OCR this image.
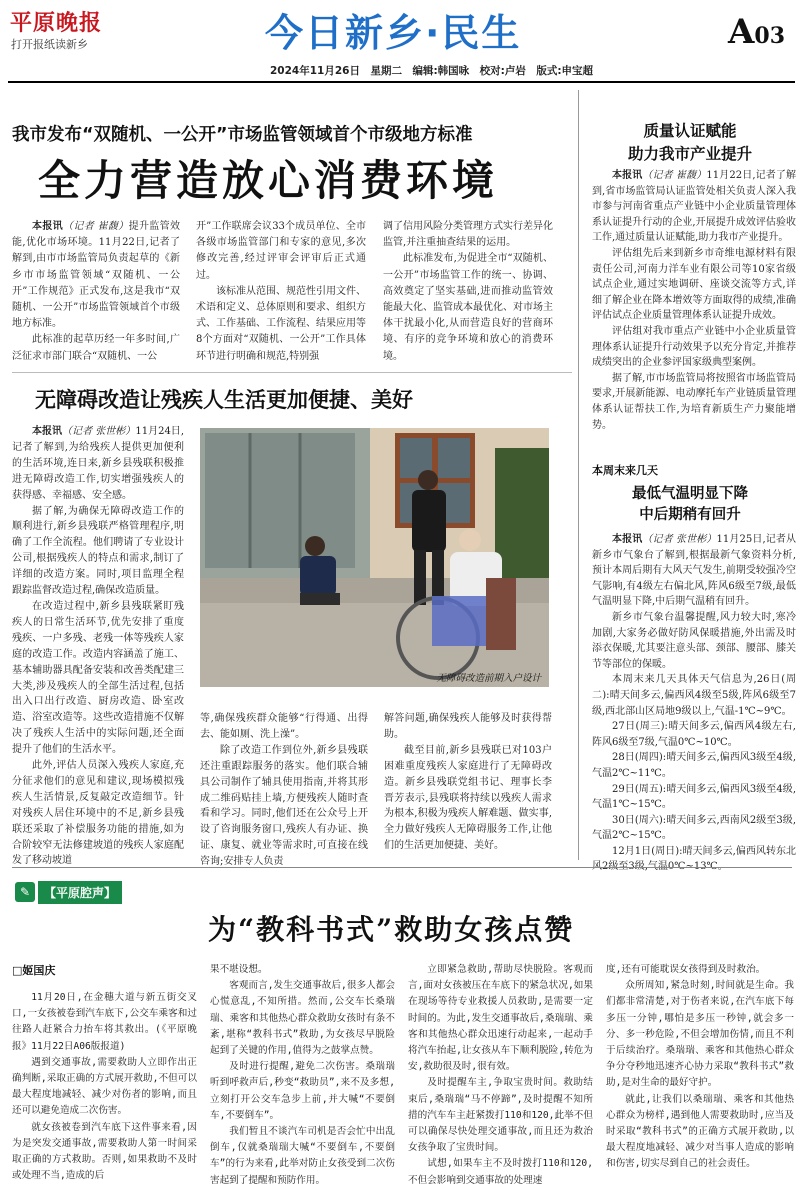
平原晚报
打开报纸读新乡	今日新乡·民生	A03
2024年11月26日　星期二　编辑:韩国咏　校对:卢岩　版式:申宝超
我市发布“双随机、一公开”市场监管领域首个市级地方标准
全力营造放心消费环境

本报讯（记者 崔馥）提升监管效能,优化市场环境。11月22日,记者了解到,由市市场监管局负责起草的《新乡市市场监管领域“双随机、一公开”工作规范》正式发布,这是我市“双随机、一公开”市场监管领域首个市级地方标准。

此标准的起草历经一年多时间,广泛征求市部门联合“双随机、一公

开”工作联席会议33个成员单位、全市各级市场监管部门和专家的意见,多次修改完善,经过评审会评审后正式通过。

该标准从范围、规范性引用文件、术语和定义、总体原则和要求、组织方式、工作基础、工作流程、结果应用等8个方面对“双随机、一公开”工作具体环节进行明确和规范,特别强

调了信用风险分类管理方式实行差异化监管,并注重抽查结果的运用。

此标准发布,为促进全市“双随机、一公开”市场监管工作的统一、协调、高效奠定了坚实基础,进而推动监管效能最大化、监管成本最优化、对市场主体干扰最小化,从而营造良好的营商环境、有序的竞争环境和放心的消费环境。

质量认证赋能
助力我市产业提升

本报讯（记者 崔馥）11月22日,记者了解到,省市场监管局认证监管处相关负责人深入我市参与河南省重点产业链中小企业质量管理体系认证提升行动的企业,开展提升成效评估验收工作,通过质量认证赋能,助力我市产业提升。

评估组先后来到新乡市奇维电源材料有限责任公司,河南力洋车业有限公司等10家省级试点企业,通过实地调研、座谈交流等方式,详细了解企业在降本增效等方面取得的成绩,准确评估试点企业质量管理体系认证提升成效。

评估组对我市重点产业链中小企业质量管理体系认证提升行动效果予以充分肯定,并推荐成绩突出的企业参评国家级典型案例。

据了解,市市场监管局将按照省市场监管局要求,开展新能源、电动摩托车产业链质量管理体系认证帮扶工作,为培育新质生产力聚能增势。

本周末来几天
最低气温明显下降
中后期稍有回升

本报讯（记者 张世彬）11月25日,记者从新乡市气象台了解到,根据最新气象资料分析,预计本周后期有大风天气发生,前期受较强冷空气影响,有4级左右偏北风,阵风6级至7级,最低气温明显下降,中后期气温稍有回升。

新乡市气象台温馨提醒,风力较大时,寒冷加剧,大家务必做好防风保暖措施,外出需及时添衣保暖,尤其要注意头部、颈部、腰部、膝关节等部位的保暖。

本周末来几天具体天气信息为,26日(周二):晴天间多云,偏西风4级至5级,阵风6级至7级,西北部山区局地9级以上,气温-1℃~9℃。

27日(周三):晴天间多云,偏西风4级左右,阵风6级至7级,气温0℃~10℃。

28日(周四):晴天间多云,偏西风3级至4级,气温2℃~11℃。

29日(周五):晴天间多云,偏西风3级至4级,气温1℃~15℃。

30日(周六):晴天间多云,西南风2级至3级,气温2℃~15℃。

12月1日(周日):晴天间多云,偏西风转东北风2级至3级,气温0℃~13℃。

无障碍改造让残疾人生活更加便捷、美好

本报讯（记者 张世彬）11月24日,记者了解到,为给残疾人提供更加便利的生活环境,连日来,新乡县残联积极推进无障碍改造工作,切实增强残疾人的获得感、幸福感、安全感。

据了解,为确保无障碍改造工作的顺利进行,新乡县残联严格管理程序,明确了工作全流程。他们聘请了专业设计公司,根据残疾人的特点和需求,制订了详细的改造方案。同时,项目监理全程跟踪监督改造过程,确保改造质量。

在改造过程中,新乡县残联紧盯残疾人的日常生活环节,优先安排了重度残疾、一户多残、老残一体等残疾人家庭的改造工作。改造内容涵盖了施工、基本辅助器具配备安装和改善类配建三大类,涉及残疾人的全部生活过程,包括出入口出行改造、厨房改造、卧室改造、浴室改造等。这些改造措施不仅解决了残疾人生活中的实际问题,还全面提升了他们的生活水平。

此外,评估人员深入残疾人家庭,充分征求他们的意见和建议,现场模拟残疾人生活情景,反复敲定改造细节。针对残疾人居住环境中的不足,新乡县残联还采取了补偿服务功能的措施,如为合阶较窄无法修建坡道的残疾人家庭配发了移动坡道

无障碍改造前期入户设计

等,确保残疾群众能够“行得通、出得去、能如厕、洗上澡”。

除了改造工作到位外,新乡县残联还注重跟踪服务的落实。他们联合辅具公司制作了辅具使用指南,并将其形成二维码贴挂上墙,方便残疾人随时查看和学习。同时,他们还在公众号上开设了咨询服务窗口,残疾人有办证、换证、康复、就业等需求时,可直接在线咨询;安排专人负责

解答问题,确保残疾人能够及时获得帮助。

截至目前,新乡县残联已对103户困难重度残疾人家庭进行了无障碍改造。新乡县残联党组书记、理事长李晋芳表示,县残联将持续以残疾人需求为根本,积极为残疾人解难题、做实事,全力做好残疾人无障碍服务工作,让他们的生活更加便捷、美好。

✎	【平原腔声】
为“教科书式”救助女孩点赞
□姬国庆

11月20日,在金穗大道与新五街交叉口,一女孩被卷到汽车底下,公交车乘客和过往路人赶紧合力抬车将其救出。(《平原晚报》11月22日A06版报道)

遇到交通事故,需要救助人立即作出正确判断,采取正确的方式展开救助,不但可以最大程度地减轻、减少对伤者的影响,而且还可以避免造成二次伤害。

就女孩被卷到汽车底下这件事来看,因为是突发交通事故,需要救助人第一时间采取正确的方式救助。否则,如果救助不及时或处理不当,造成的后

果不堪设想。

客观而言,发生交通事故后,很多人都会心慌意乱,不知所措。然而,公交车长桑瑞瑞、乘客和其他热心群众救助女孩时有条不紊,堪称“教科书式”救助,为女孩尽早脱险起到了关键的作用,值得为之鼓掌点赞。

及时进行提醒,避免二次伤害。桑瑞瑞听到呼救声后,秒变“救助员”,来不及多想,立刻打开公交车急步上前,并大喊“不要倒车,不要倒车”。

我们暂且不谈汽车司机是否会忙中出乱倒车,仅就桑瑞瑞大喊“不要倒车,不要倒车”的行为来看,此举对防止女孩受到二次伤害起到了提醒和预防作用。

立即紧急救助,帮助尽快脱险。客观而言,面对女孩被压在车底下的紧急状况,如果在现场等待专业救援人员救助,是需要一定时间的。为此,发生交通事故后,桑瑞瑞、乘客和其他热心群众迅速行动起来,一起动手将汽车抬起,让女孩从车下顺利脱险,转危为安,救助很及时,很有效。

及时提醒车主,争取宝贵时间。救助结束后,桑瑞瑞“马不停蹄”,及时提醒不知所措的汽车车主赶紧拨打110和120,此举不但可以确保尽快处理交通事故,而且还为救治女孩争取了宝贵时间。

试想,如果车主不及时拨打110和120,不但会影响到交通事故的处理速

度,还有可能耽误女孩得到及时救治。

众所周知,紧急时刻,时间就是生命。我们都非常清楚,对于伤者来说,在汽车底下每多压一分钟,哪怕是多压一秒钟,就会多一分、多一秒危险,不但会增加伤情,而且不利于后续治疗。桑瑞瑞、乘客和其他热心群众争分夺秒地迅速齐心协力采取“教科书式”救助,是对生命的最好守护。

就此,让我们以桑瑞瑞、乘客和其他热心群众为榜样,遇到他人需要救助时,应当及时采取“教科书式”的正确方式展开救助,以最大程度地减轻、减少对当事人造成的影响和伤害,切实尽到自己的社会责任。
